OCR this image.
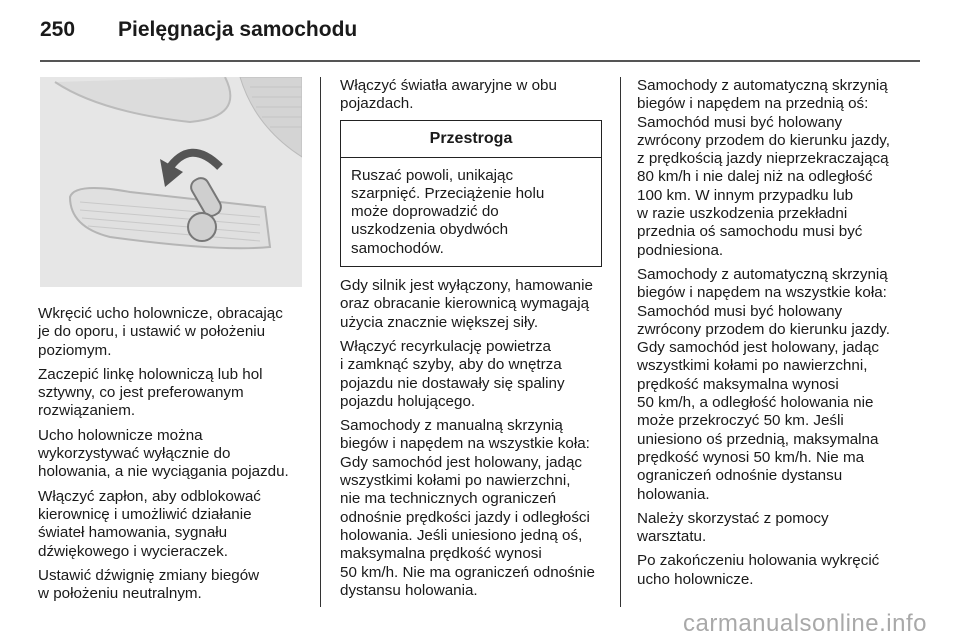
250 Pielęgnacja samochodu

Wkręcić ucho holownicze, obracając
je do oporu, i ustawić w położeniu
poziomym.

Zaczepić linkę holowniczą lub hol
sztywny, co jest preferowanym
rozwiązaniem.

Ucho holownicze można
wykorzystywać wyłącznie do
holowania, a nie wyciągania pojazdu.

Włączyć zapłon, aby odblokować
kierownicę i umożliwić działanie
świateł hamowania, sygnału
dźwiękowego i wycieraczek.

Ustawić dźwignię zmiany biegów
w położeniu neutralnym.

Włączyć światła awaryjne w obu
pojazdach.

Przestroga
Ruszać powoli, unikając
szarpnięć. Przeciążenie holu
może doprowadzić do
uszkodzenia obydwóch
samochodów.

Gdy silnik jest wyłączony, hamowanie
oraz obracanie kierownicą wymagają
użycia znacznie większej siły.

Włączyć recyrkulację powietrza
i zamknąć szyby, aby do wnętrza
pojazdu nie dostawały się spaliny
pojazdu holującego.

Samochody z manualną skrzynią
biegów i napędem na wszystkie koła:
Gdy samochód jest holowany, jadąc
wszystkimi kołami po nawierzchni,
nie ma technicznych ograniczeń
odnośnie prędkości jazdy i odległości
holowania. Jeśli uniesiono jedną oś,
maksymalna prędkość wynosi
50 km/h. Nie ma ograniczeń odnośnie
dystansu holowania.

Samochody z automatyczną skrzynią
biegów i napędem na przednią oś:
Samochód musi być holowany
zwrócony przodem do kierunku jazdy,
z prędkością jazdy nieprzekraczającą
80 km/h i nie dalej niż na odległość
100 km. W innym przypadku lub
w razie uszkodzenia przekładni
przednia oś samochodu musi być
podniesiona.

Samochody z automatyczną skrzynią
biegów i napędem na wszystkie koła:
Samochód musi być holowany
zwrócony przodem do kierunku jazdy.
Gdy samochód jest holowany, jadąc
wszystkimi kołami po nawierzchni,
prędkość maksymalna wynosi
50 km/h, a odległość holowania nie
może przekroczyć 50 km. Jeśli
uniesiono oś przednią, maksymalna
prędkość wynosi 50 km/h. Nie ma
ograniczeń odnośnie dystansu
holowania.

Należy skorzystać z pomocy
warsztatu.

Po zakończeniu holowania wykręcić
ucho holownicze.

carmanualsonline.info
